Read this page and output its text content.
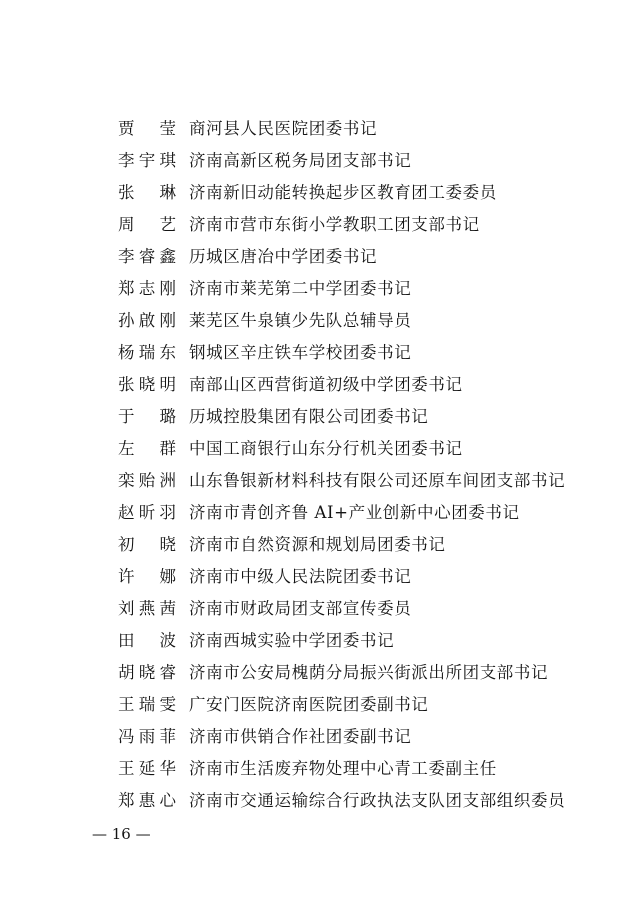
贾　莹 商河县人民医院团委书记
李宇琪 济南高新区税务局团支部书记
张　琳 济南新旧动能转换起步区教育团工委委员
周　艺 济南市营市东街小学教职工团支部书记
李睿鑫 历城区唐冶中学团委书记
郑志刚 济南市莱芜第二中学团委书记
孙啟刚 莱芜区牛泉镇少先队总辅导员
杨瑞东 钢城区辛庄铁车学校团委书记
张晓明 南部山区西营街道初级中学团委书记
于　璐 历城控股集团有限公司团委书记
左　群 中国工商银行山东分行机关团委书记
栾贻洲 山东鲁银新材料科技有限公司还原车间团支部书记
赵昕羽 济南市青创齐鲁 AI+产业创新中心团委书记
初　晓 济南市自然资源和规划局团委书记
许　娜 济南市中级人民法院团委书记
刘燕茜 济南市财政局团支部宣传委员
田　波 济南西城实验中学团委书记
胡晓睿 济南市公安局槐荫分局振兴街派出所团支部书记
王瑞雯 广安门医院济南医院团委副书记
冯雨菲 济南市供销合作社团委副书记
王延华 济南市生活废弃物处理中心青工委副主任
郑惠心 济南市交通运输综合行政执法支队团支部组织委员
— 16 —
